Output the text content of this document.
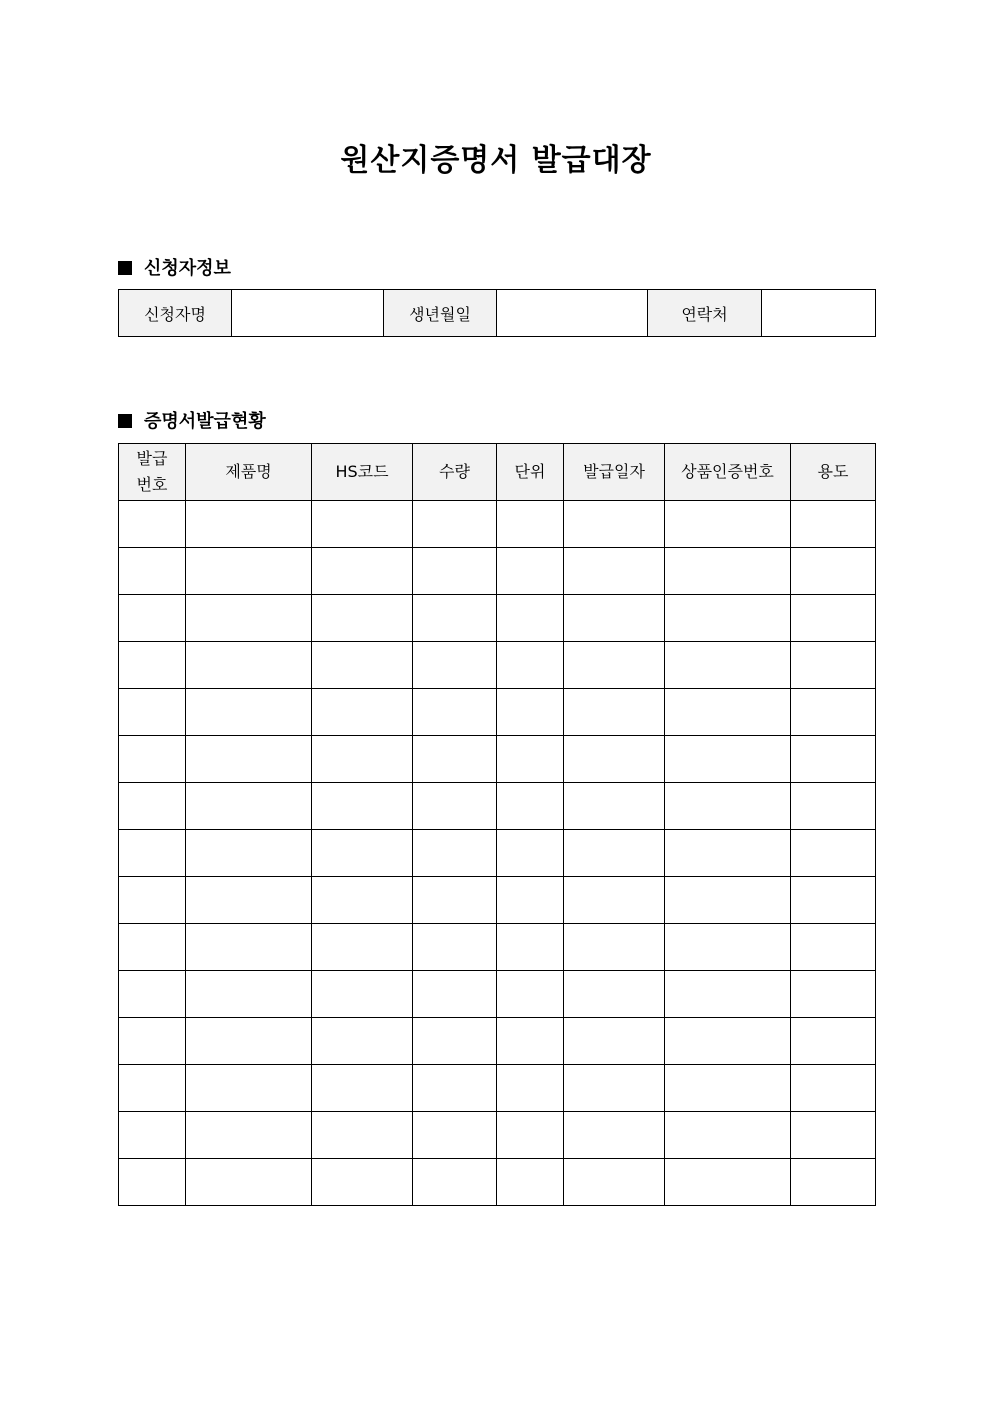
원산지증명서 발급대장
신청자정보
신청자명		생년월일		연락처	
증명서발급현황
발급
번호	제품명	HS코드	수량	단위	발급일자	상품인증번호	용도
